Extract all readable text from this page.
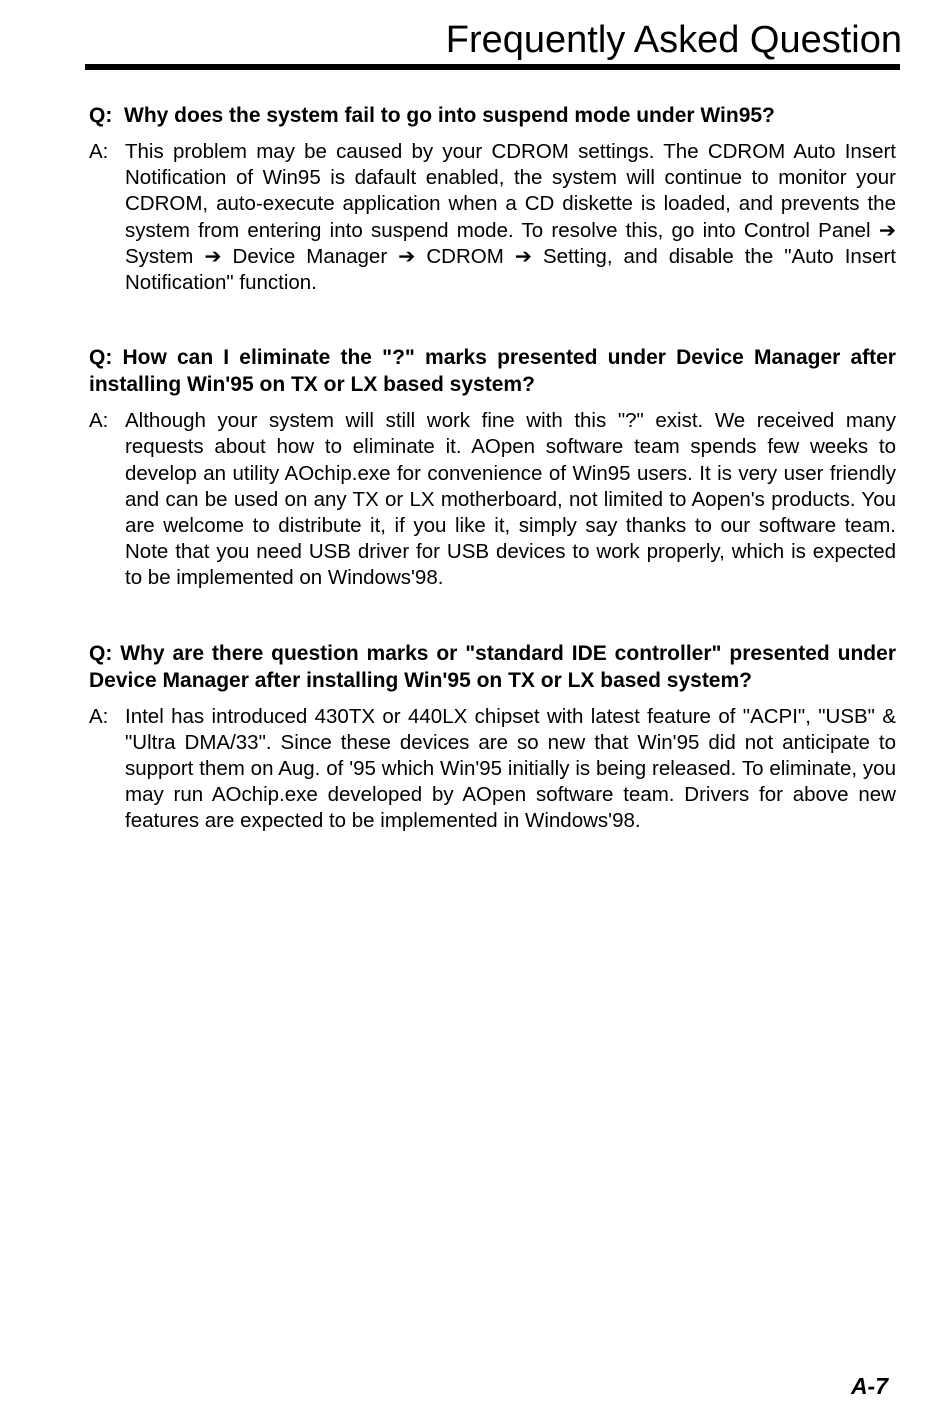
Frequently Asked Question

Q: Why does the system fail to go into suspend mode under Win95?

A: This problem may be caused by your CDROM settings. The CDROM Auto Insert Notification of Win95 is dafault enabled, the system will continue to monitor your CDROM, auto-execute application when a CD diskette is loaded, and prevents the system from entering into suspend mode. To resolve this, go into Control Panel ➔ System ➔ Device Manager ➔ CDROM ➔ Setting, and disable the "Auto Insert Notification" function.

Q: How can I eliminate the "?" marks presented under Device Manager after installing Win'95 on TX or LX based system?

A: Although your system will still work fine with this "?" exist. We received many requests about how to eliminate it. AOpen software team spends few weeks to develop an utility AOchip.exe for convenience of Win95 users. It is very user friendly and can be used on any TX or LX motherboard, not limited to Aopen's products. You are welcome to distribute it, if you like it, simply say thanks to our software team. Note that you need USB driver for USB devices to work properly, which is expected to be implemented on Windows'98.

Q: Why are there question marks or "standard IDE controller" presented under Device Manager after installing Win'95 on TX or LX based system?

A: Intel has introduced 430TX or 440LX chipset with latest feature of "ACPI", "USB" & "Ultra DMA/33". Since these devices are so new that Win'95 did not anticipate to support them on Aug. of '95 which Win'95 initially is being released. To eliminate, you may run AOchip.exe developed by AOpen software team. Drivers for above new features are expected to be implemented in Windows'98.

A-7
